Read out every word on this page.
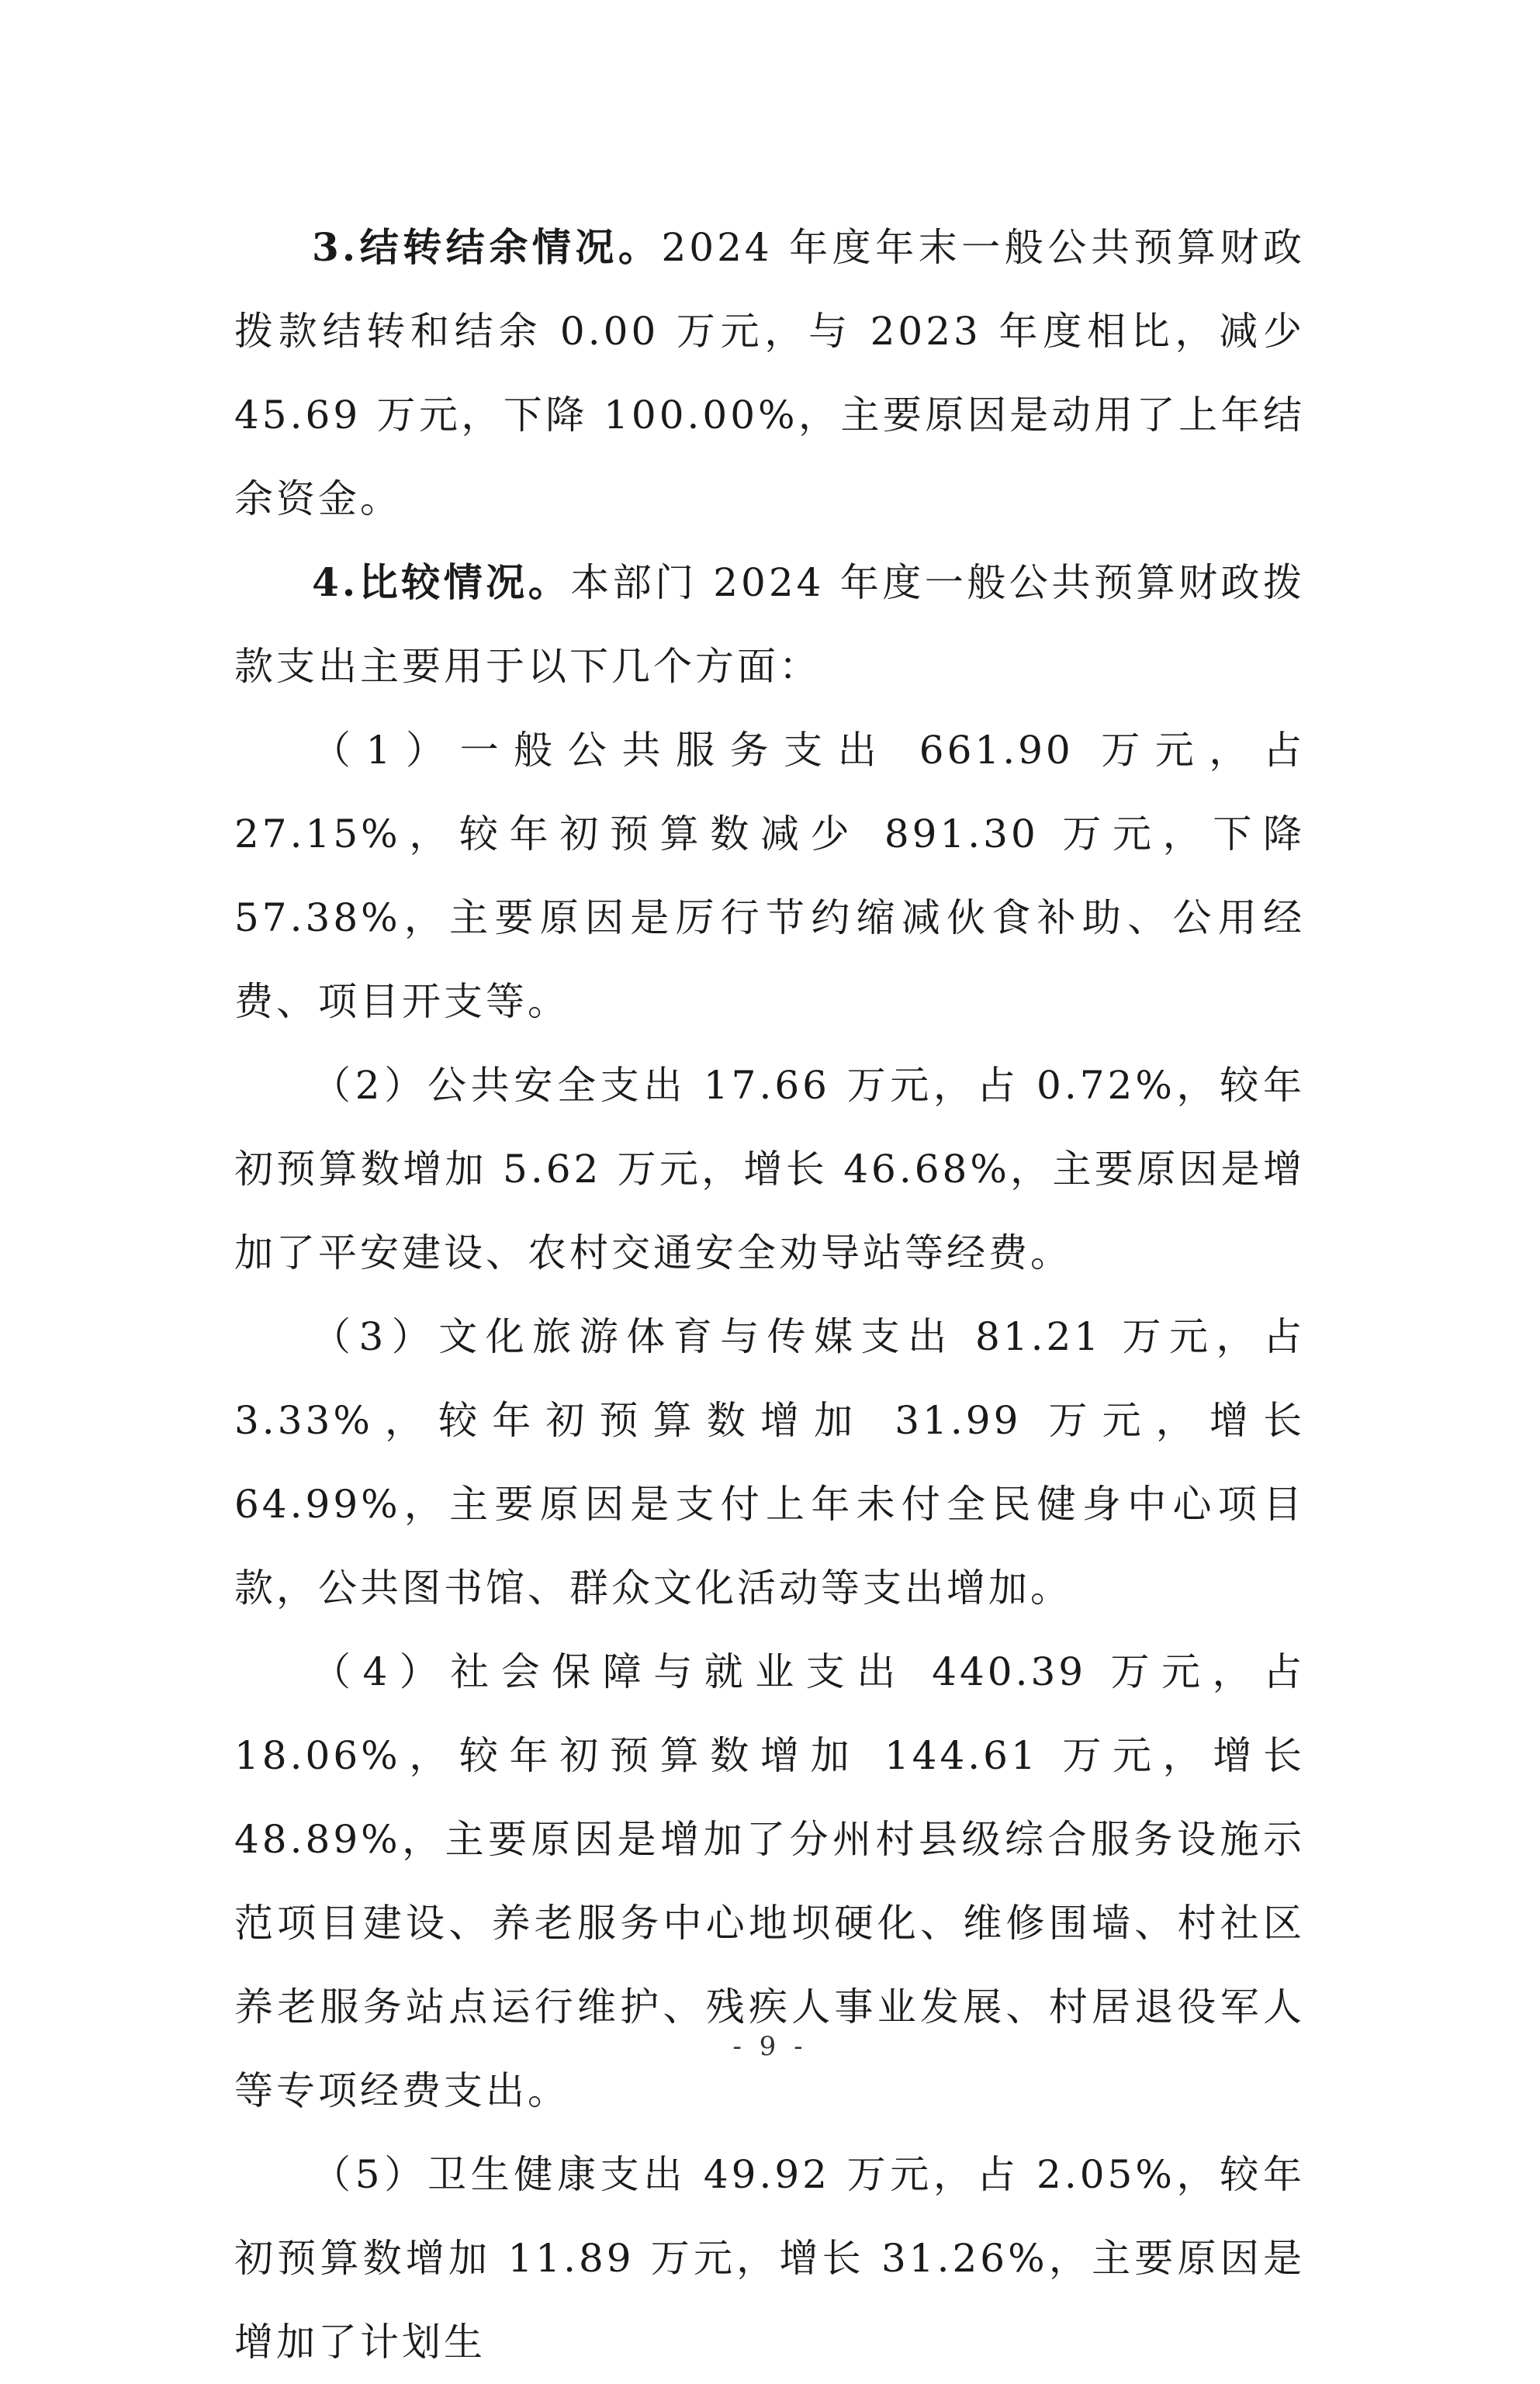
3.结转结余情况。2024 年度年末一般公共预算财政拨款结转和结余 0.00 万元，与 2023 年度相比，减少 45.69 万元，下降 100.00%，主要原因是动用了上年结余资金。

4.比较情况。本部门 2024 年度一般公共预算财政拨款支出主要用于以下几个方面：

（1）一般公共服务支出 661.90 万元，占 27.15%，较年初预算数减少 891.30 万元，下降 57.38%，主要原因是厉行节约缩减伙食补助、公用经费、项目开支等。

（2）公共安全支出 17.66 万元，占 0.72%，较年初预算数增加 5.62 万元，增长 46.68%，主要原因是增加了平安建设、农村交通安全劝导站等经费。

（3）文化旅游体育与传媒支出 81.21 万元，占 3.33%，较年初预算数增加 31.99 万元，增长 64.99%，主要原因是支付上年未付全民健身中心项目款，公共图书馆、群众文化活动等支出增加。

（4）社会保障与就业支出 440.39 万元，占 18.06%，较年初预算数增加 144.61 万元，增长 48.89%，主要原因是增加了分州村县级综合服务设施示范项目建设、养老服务中心地坝硬化、维修围墙、村社区养老服务站点运行维护、残疾人事业发展、村居退役军人等专项经费支出。

（5）卫生健康支出 49.92 万元，占 2.05%，较年初预算数增加 11.89 万元，增长 31.26%，主要原因是增加了计划生

- 9 -
